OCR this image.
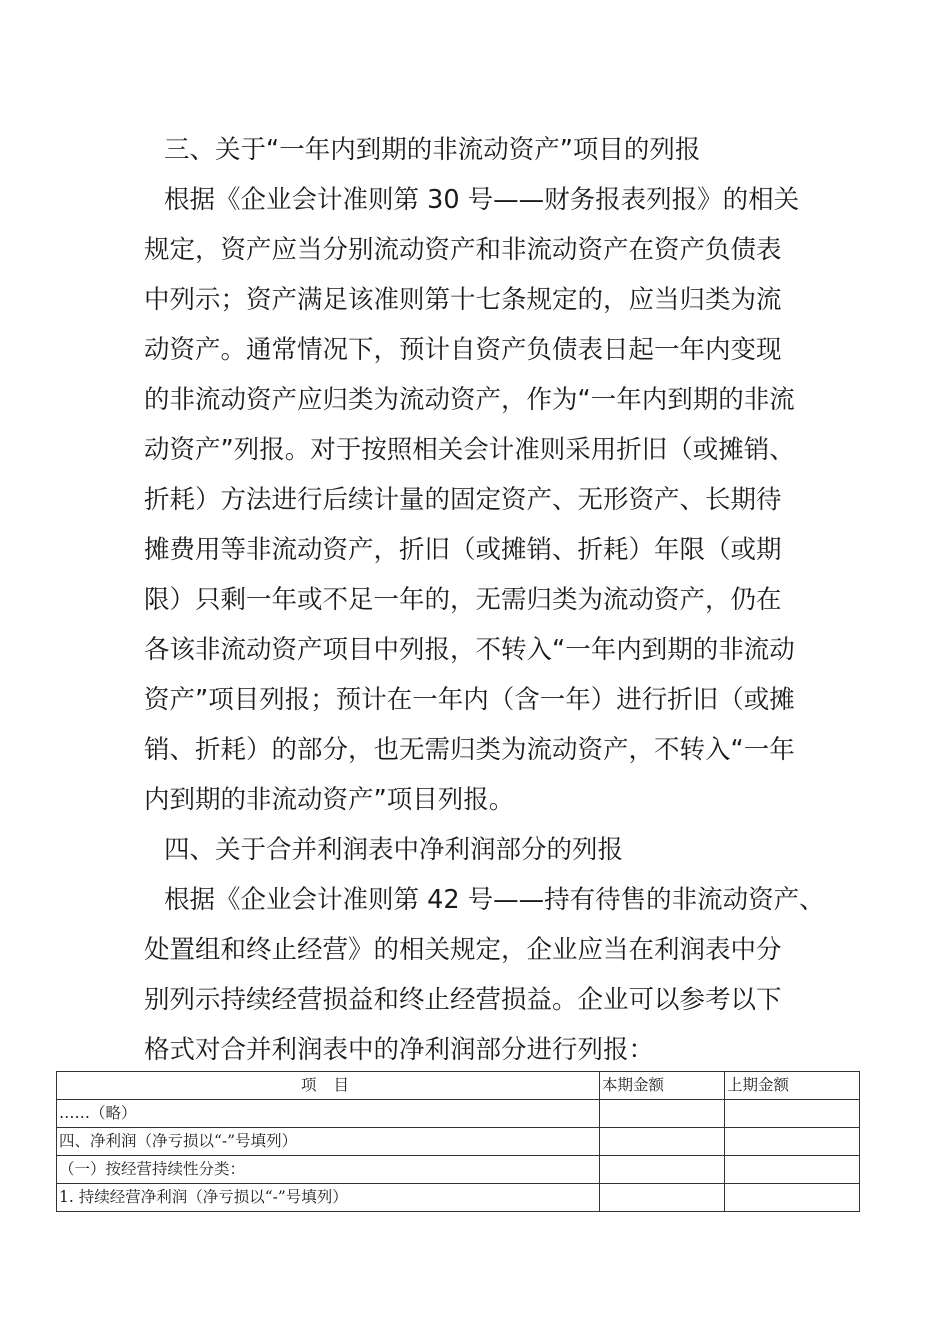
三、关于“一年内到期的非流动资产”项目的列报
根据《企业会计准则第 30 号——财务报表列报》的相关
规定，资产应当分别流动资产和非流动资产在资产负债表
中列示；资产满足该准则第十七条规定的，应当归类为流
动资产。通常情况下，预计自资产负债表日起一年内变现
的非流动资产应归类为流动资产，作为“一年内到期的非流
动资产”列报。对于按照相关会计准则采用折旧（或摊销、
折耗）方法进行后续计量的固定资产、无形资产、长期待
摊费用等非流动资产，折旧（或摊销、折耗）年限（或期
限）只剩一年或不足一年的，无需归类为流动资产，仍在
各该非流动资产项目中列报，不转入“一年内到期的非流动
资产”项目列报；预计在一年内（含一年）进行折旧（或摊
销、折耗）的部分，也无需归类为流动资产，不转入“一年
内到期的非流动资产”项目列报。
四、关于合并利润表中净利润部分的列报
根据《企业会计准则第 42 号——持有待售的非流动资产、
处置组和终止经营》的相关规定，企业应当在利润表中分
别列示持续经营损益和终止经营损益。企业可以参考以下
格式对合并利润表中的净利润部分进行列报：
项 目	本期金额	上期金额
……（略）		
四、净利润（净亏损以“-”号填列）		
（一）按经营持续性分类：		
1. 持续经营净利润（净亏损以“-”号填列）		
